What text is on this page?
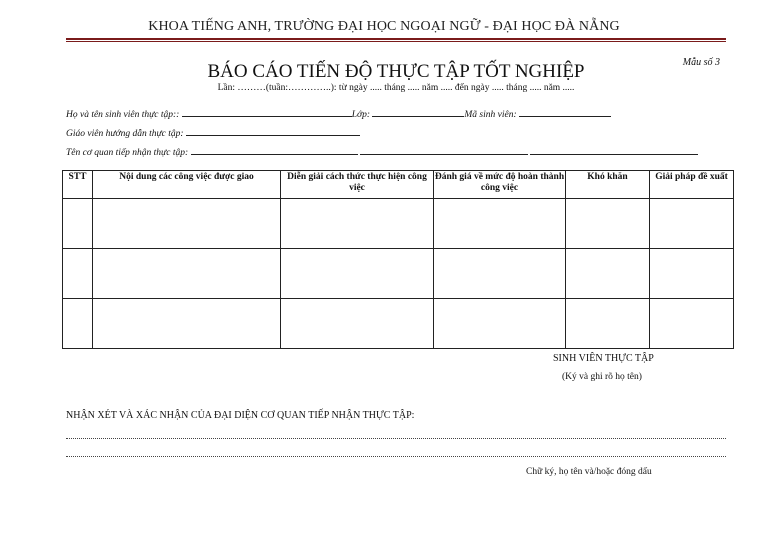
KHOA TIẾNG ANH, TRƯỜNG ĐẠI HỌC NGOẠI NGỮ - ĐẠI HỌC ĐÀ NẴNG
Mẫu số 3
BÁO CÁO TIẾN ĐỘ THỰC TẬP TỐT NGHIỆP
Lần: ………(tuần:…………..): từ ngày ..... tháng ..... năm ..... đến ngày ..... tháng ..... năm .....
Họ và tên sinh viên thực tập::	Lớp:	Mã sinh viên:
Giáo viên hướng dẫn thực tập:
Tên cơ quan tiếp nhận thực tập:
STT	Nội dung các công việc được giao	Diễn giải cách thức thực hiện công việc	Đánh giá về mức độ hoàn thành công việc	Khó khăn	Giải pháp đề xuất

SINH VIÊN THỰC TẬP
(Ký và ghi rõ họ tên)
NHẬN XÉT VÀ XÁC NHẬN CỦA ĐẠI DIỆN CƠ QUAN TIẾP NHẬN THỰC TẬP:
Chữ ký, họ tên và/hoặc đóng dấu
